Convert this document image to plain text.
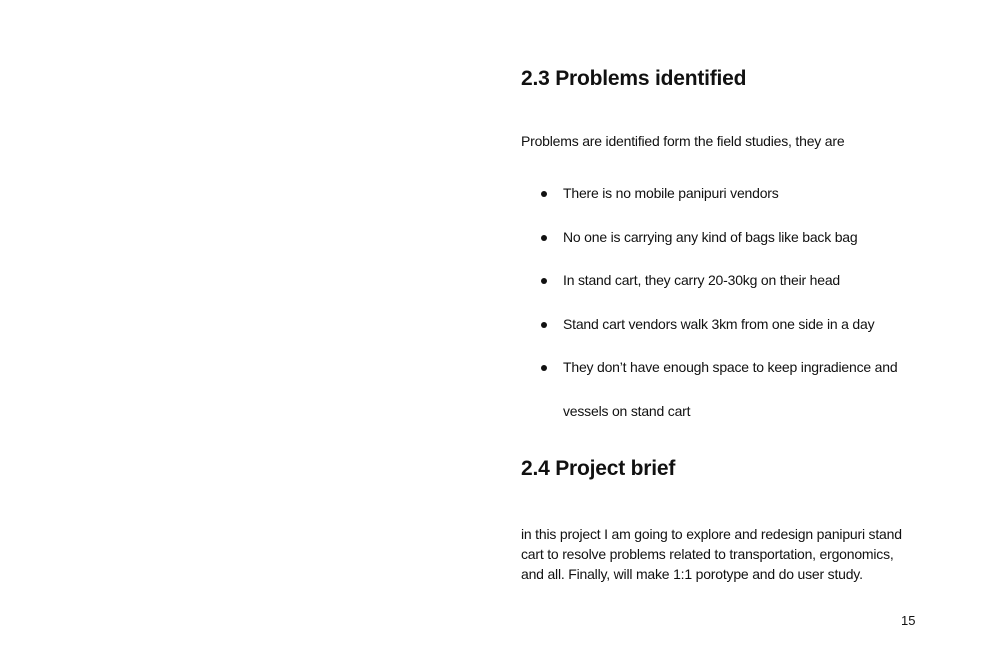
2.3 Problems identified
Problems are identified form the field studies, they are
There is no mobile panipuri vendors
No one is carrying any kind of bags like back bag
In stand cart, they carry 20-30kg on their head
Stand cart vendors walk 3km from one side in a day
They don’t have enough space to keep ingradience and
vessels on stand cart
2.4 Project brief
in this project I am going to explore and redesign panipuri stand
cart to resolve problems related to transportation, ergonomics,
and all. Finally, will make 1:1 porotype and do user study.
15
